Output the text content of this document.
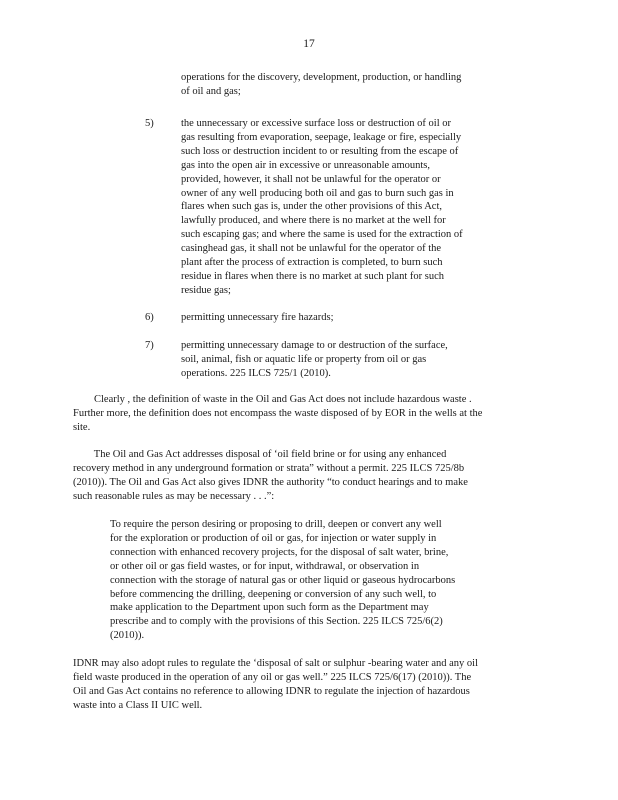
17
operations for the discovery, development, production, or handling
of oil and gas;
5)	the unnecessary or excessive surface loss or destruction of oil or
gas resulting from evaporation, seepage, leakage or fire, especially
such loss or destruction incident to or resulting from the escape of
gas into the open air in excessive or unreasonable amounts,
provided, however, it shall not be unlawful for the operator or
owner of any well producing both oil and gas to burn such gas in
flares when such gas is, under the other provisions of this Act,
lawfully produced, and where there is no market at the well for
such escaping gas; and where the same is used for the extraction of
casinghead gas, it shall not be unlawful for the operator of the
plant after the process of extraction is completed, to burn such
residue in flares when there is no market at such plant for such
residue gas;
6)	permitting unnecessary fire hazards;
7)	permitting unnecessary damage to or destruction of the surface,
soil, animal, fish or aquatic life or property from oil or gas
operations. 225 ILCS 725/1 (2010).
Clearly , the definition of waste in the Oil and Gas Act does not include hazardous waste .
Further more, the definition does not encompass the waste disposed of by EOR in the wells at the
site.
The Oil and Gas Act addresses disposal of ‘oil field brine or for using any enhanced
recovery method in any underground formation or strata” without a permit. 225 ILCS 725/8b
(2010)). The Oil and Gas Act also gives IDNR the authority “to conduct hearings and to make
such reasonable rules as may be necessary . . .”:
To require the person desiring or proposing to drill, deepen or convert any well
for the exploration or production of oil or gas, for injection or water supply in
connection with enhanced recovery projects, for the disposal of salt water, brine,
or other oil or gas field wastes, or for input, withdrawal, or observation in
connection with the storage of natural gas or other liquid or gaseous hydrocarbons
before commencing the drilling, deepening or conversion of any such well, to
make application to the Department upon such form as the Department may
prescribe and to comply with the provisions of this Section. 225 ILCS 725/6(2)
(2010)).
IDNR may also adopt rules to regulate the ‘disposal of salt or sulphur -bearing water and any oil
field waste produced in the operation of any oil or gas well.” 225 ILCS 725/6(17) (2010)). The
Oil and Gas Act contains no reference to allowing IDNR to regulate the injection of hazardous
waste into a Class II UIC well.
